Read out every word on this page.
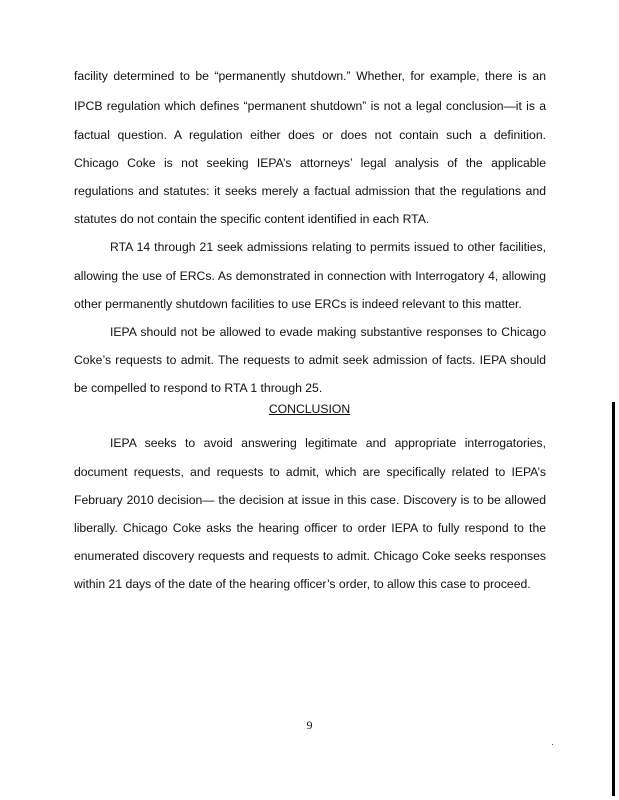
facility determined to be “permanently shutdown.” Whether, for example, there is an
IPCB regulation which defines “permanent shutdown” is not a legal conclusion—it is a
factual question. A regulation either does or does not contain such a definition.
Chicago Coke is not seeking IEPA’s attorneys’ legal analysis of the applicable
regulations and statutes: it seeks merely a factual admission that the regulations and
statutes do not contain the specific content identified in each RTA.
RTA 14 through 21 seek admissions relating to permits issued to other facilities,
allowing the use of ERCs. As demonstrated in connection with Interrogatory 4, allowing
other permanently shutdown facilities to use ERCs is indeed relevant to this matter.
IEPA should not be allowed to evade making substantive responses to Chicago
Coke’s requests to admit. The requests to admit seek admission of facts. IEPA should
be compelled to respond to RTA 1 through 25.
CONCLUSION
IEPA seeks to avoid answering legitimate and appropriate interrogatories,
document requests, and requests to admit, which are specifically related to IEPA’s
February 2010 decision— the decision at issue in this case. Discovery is to be allowed
liberally. Chicago Coke asks the hearing officer to order IEPA to fully respond to the
enumerated discovery requests and requests to admit. Chicago Coke seeks responses
within 21 days of the date of the hearing officer’s order, to allow this case to proceed.
9
